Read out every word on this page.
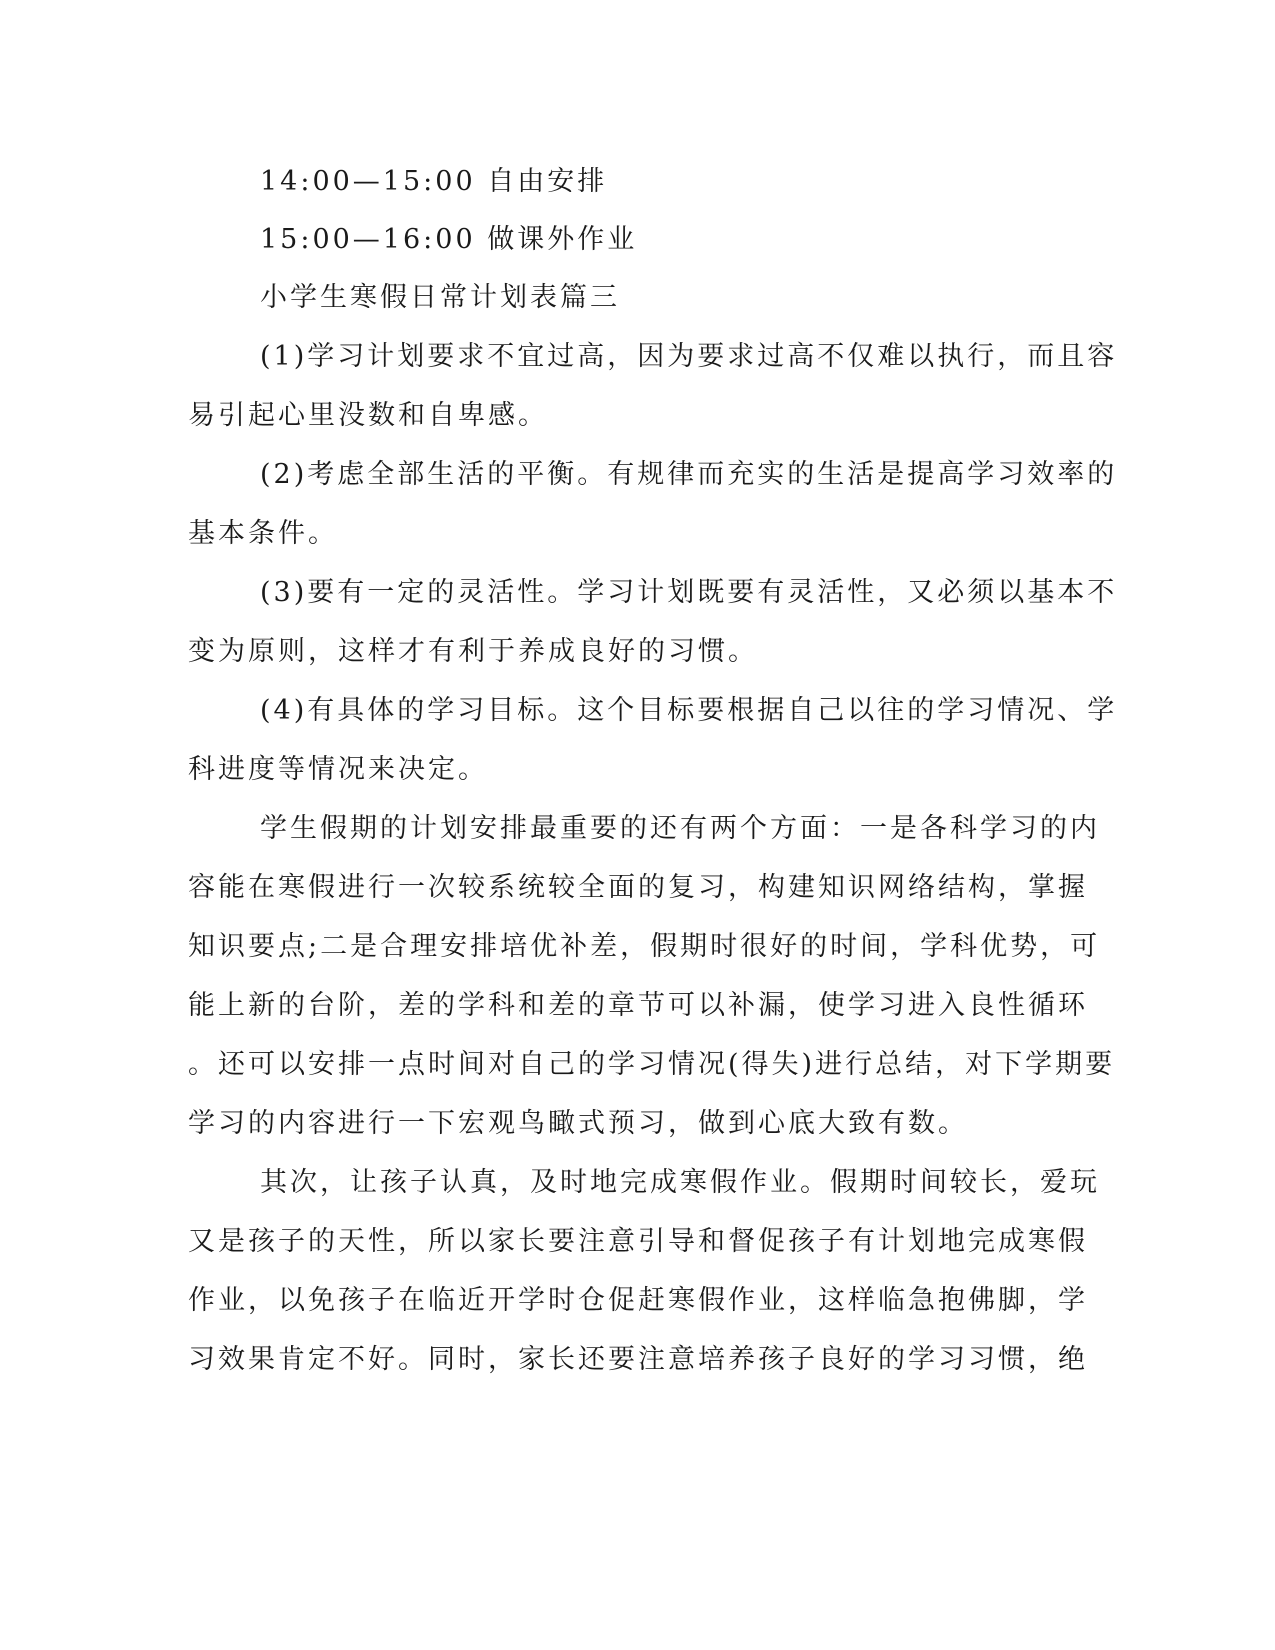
14:00—15:00 自由安排
15:00—16:00 做课外作业
小学生寒假日常计划表篇三
(1)学习计划要求不宜过高，因为要求过高不仅难以执行，而且容
易引起心里没数和自卑感。
(2)考虑全部生活的平衡。有规律而充实的生活是提高学习效率的
基本条件。
(3)要有一定的灵活性。学习计划既要有灵活性，又必须以基本不
变为原则，这样才有利于养成良好的习惯。
(4)有具体的学习目标。这个目标要根据自己以往的学习情况、学
科进度等情况来决定。
学生假期的计划安排最重要的还有两个方面：一是各科学习的内
容能在寒假进行一次较系统较全面的复习，构建知识网络结构，掌握
知识要点;二是合理安排培优补差，假期时很好的时间，学科优势，可
能上新的台阶，差的学科和差的章节可以补漏，使学习进入良性循环
。还可以安排一点时间对自己的学习情况(得失)进行总结，对下学期要
学习的内容进行一下宏观鸟瞰式预习，做到心底大致有数。
其次，让孩子认真，及时地完成寒假作业。假期时间较长，爱玩
又是孩子的天性，所以家长要注意引导和督促孩子有计划地完成寒假
作业，以免孩子在临近开学时仓促赶寒假作业，这样临急抱佛脚，学
习效果肯定不好。同时，家长还要注意培养孩子良好的学习习惯，绝
